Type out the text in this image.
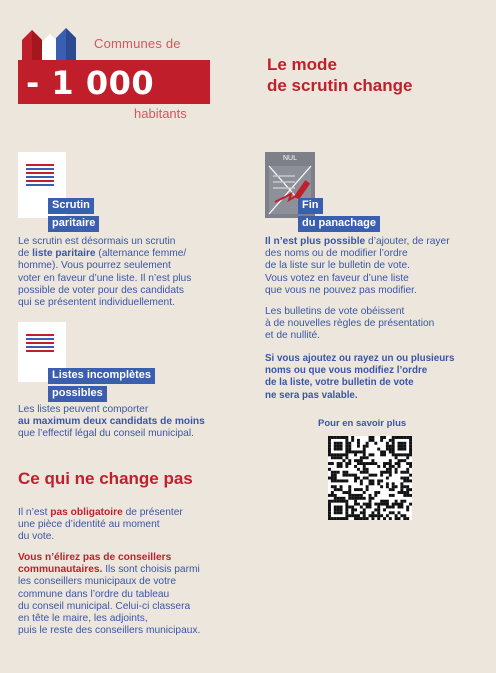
Communes de
- 1 000
habitants
Le mode
de scrutin change
Scrutin
paritaire
Le scrutin est désormais un scrutin
de liste paritaire (alternance femme/
homme). Vous pourrez seulement
voter en faveur d’une liste. Il n’est plus
possible de voter pour des candidats
qui se présentent individuellement.
Listes incomplètes
possibles
Les listes peuvent comporter
au maximum deux candidats de moins
que l’effectif légal du conseil municipal.
Ce qui ne change pas
Il n’est pas obligatoire de présenter
une pièce d’identité au moment
du vote.
Vous n’élirez pas de conseillers
communautaires. Ils sont choisis parmi
les conseillers municipaux de votre
commune dans l’ordre du tableau
du conseil municipal. Celui-ci classera
en tête le maire, les adjoints,
puis le reste des conseillers municipaux.
NUL
Fin
du panachage
Il n’est plus possible d’ajouter, de rayer
des noms ou de modifier l’ordre
de la liste sur le bulletin de vote.
Vous votez en faveur d’une liste
que vous ne pouvez pas modifier.
Les bulletins de vote obéissent
à de nouvelles règles de présentation
et de nullité.
Si vous ajoutez ou rayez un ou plusieurs
noms ou que vous modifiez l’ordre
de la liste, votre bulletin de vote
ne sera pas valable.
Pour en savoir plus
